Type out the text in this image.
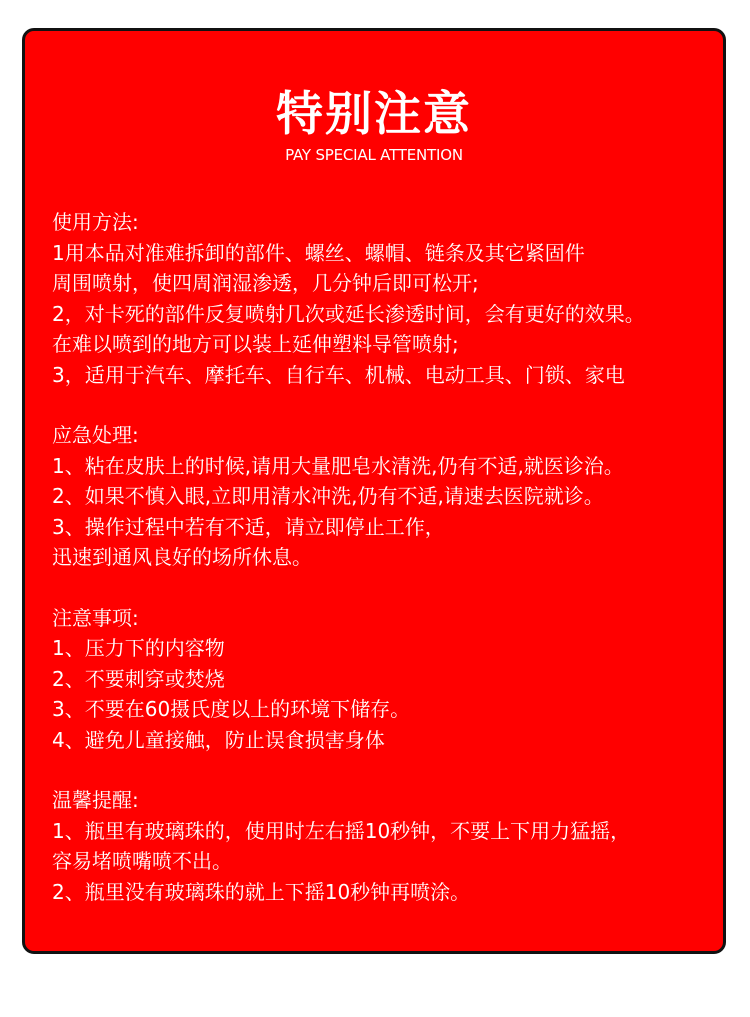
特别注意
PAY SPECIAL ATTENTION
使用方法:
1用本品对准难拆卸的部件、螺丝、螺帽、链条及其它紧固件
周围喷射，使四周润湿渗透，几分钟后即可松开;
2，对卡死的部件反复喷射几次或延长渗透时间，会有更好的效果。
在难以喷到的地方可以装上延伸塑料导管喷射;
3，适用于汽车、摩托车、自行车、机械、电动工具、门锁、家电
应急处理:
1、粘在皮肤上的时候,请用大量肥皂水清洗,仍有不适,就医诊治。
2、如果不慎入眼,立即用清水冲洗,仍有不适,请速去医院就诊。
3、操作过程中若有不适，请立即停止工作，
迅速到通风良好的场所休息。
注意事项:
1、压力下的内容物
2、不要刺穿或焚烧
3、不要在60摄氏度以上的环境下储存。
4、避免儿童接触，防止误食损害身体
温馨提醒:
1、瓶里有玻璃珠的，使用时左右摇10秒钟，不要上下用力猛摇，
容易堵喷嘴喷不出。
2、瓶里没有玻璃珠的就上下摇10秒钟再喷涂。
